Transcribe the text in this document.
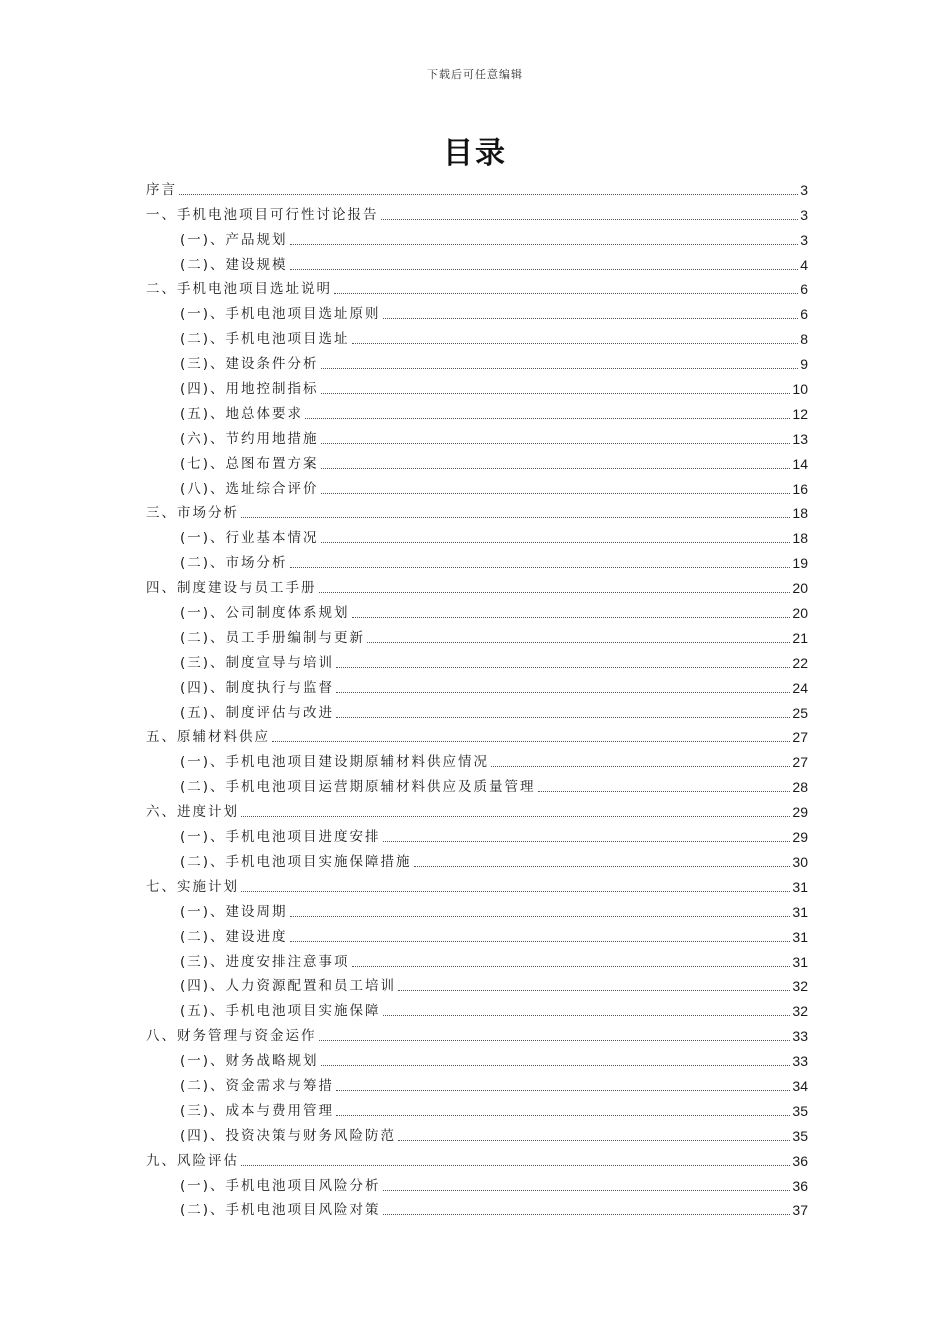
下载后可任意编辑
目录
序言	3
一、手机电池项目可行性讨论报告	3
(一)、产品规划	3
(二)、建设规模	4
二、手机电池项目选址说明	6
(一)、手机电池项目选址原则	6
(二)、手机电池项目选址	8
(三)、建设条件分析	9
(四)、用地控制指标	10
(五)、地总体要求	12
(六)、节约用地措施	13
(七)、总图布置方案	14
(八)、选址综合评价	16
三、市场分析	18
(一)、行业基本情况	18
(二)、市场分析	19
四、制度建设与员工手册	20
(一)、公司制度体系规划	20
(二)、员工手册编制与更新	21
(三)、制度宣导与培训	22
(四)、制度执行与监督	24
(五)、制度评估与改进	25
五、原辅材料供应	27
(一)、手机电池项目建设期原辅材料供应情况	27
(二)、手机电池项目运营期原辅材料供应及质量管理	28
六、进度计划	29
(一)、手机电池项目进度安排	29
(二)、手机电池项目实施保障措施	30
七、实施计划	31
(一)、建设周期	31
(二)、建设进度	31
(三)、进度安排注意事项	31
(四)、人力资源配置和员工培训	32
(五)、手机电池项目实施保障	32
八、财务管理与资金运作	33
(一)、财务战略规划	33
(二)、资金需求与筹措	34
(三)、成本与费用管理	35
(四)、投资决策与财务风险防范	35
九、风险评估	36
(一)、手机电池项目风险分析	36
(二)、手机电池项目风险对策	37
